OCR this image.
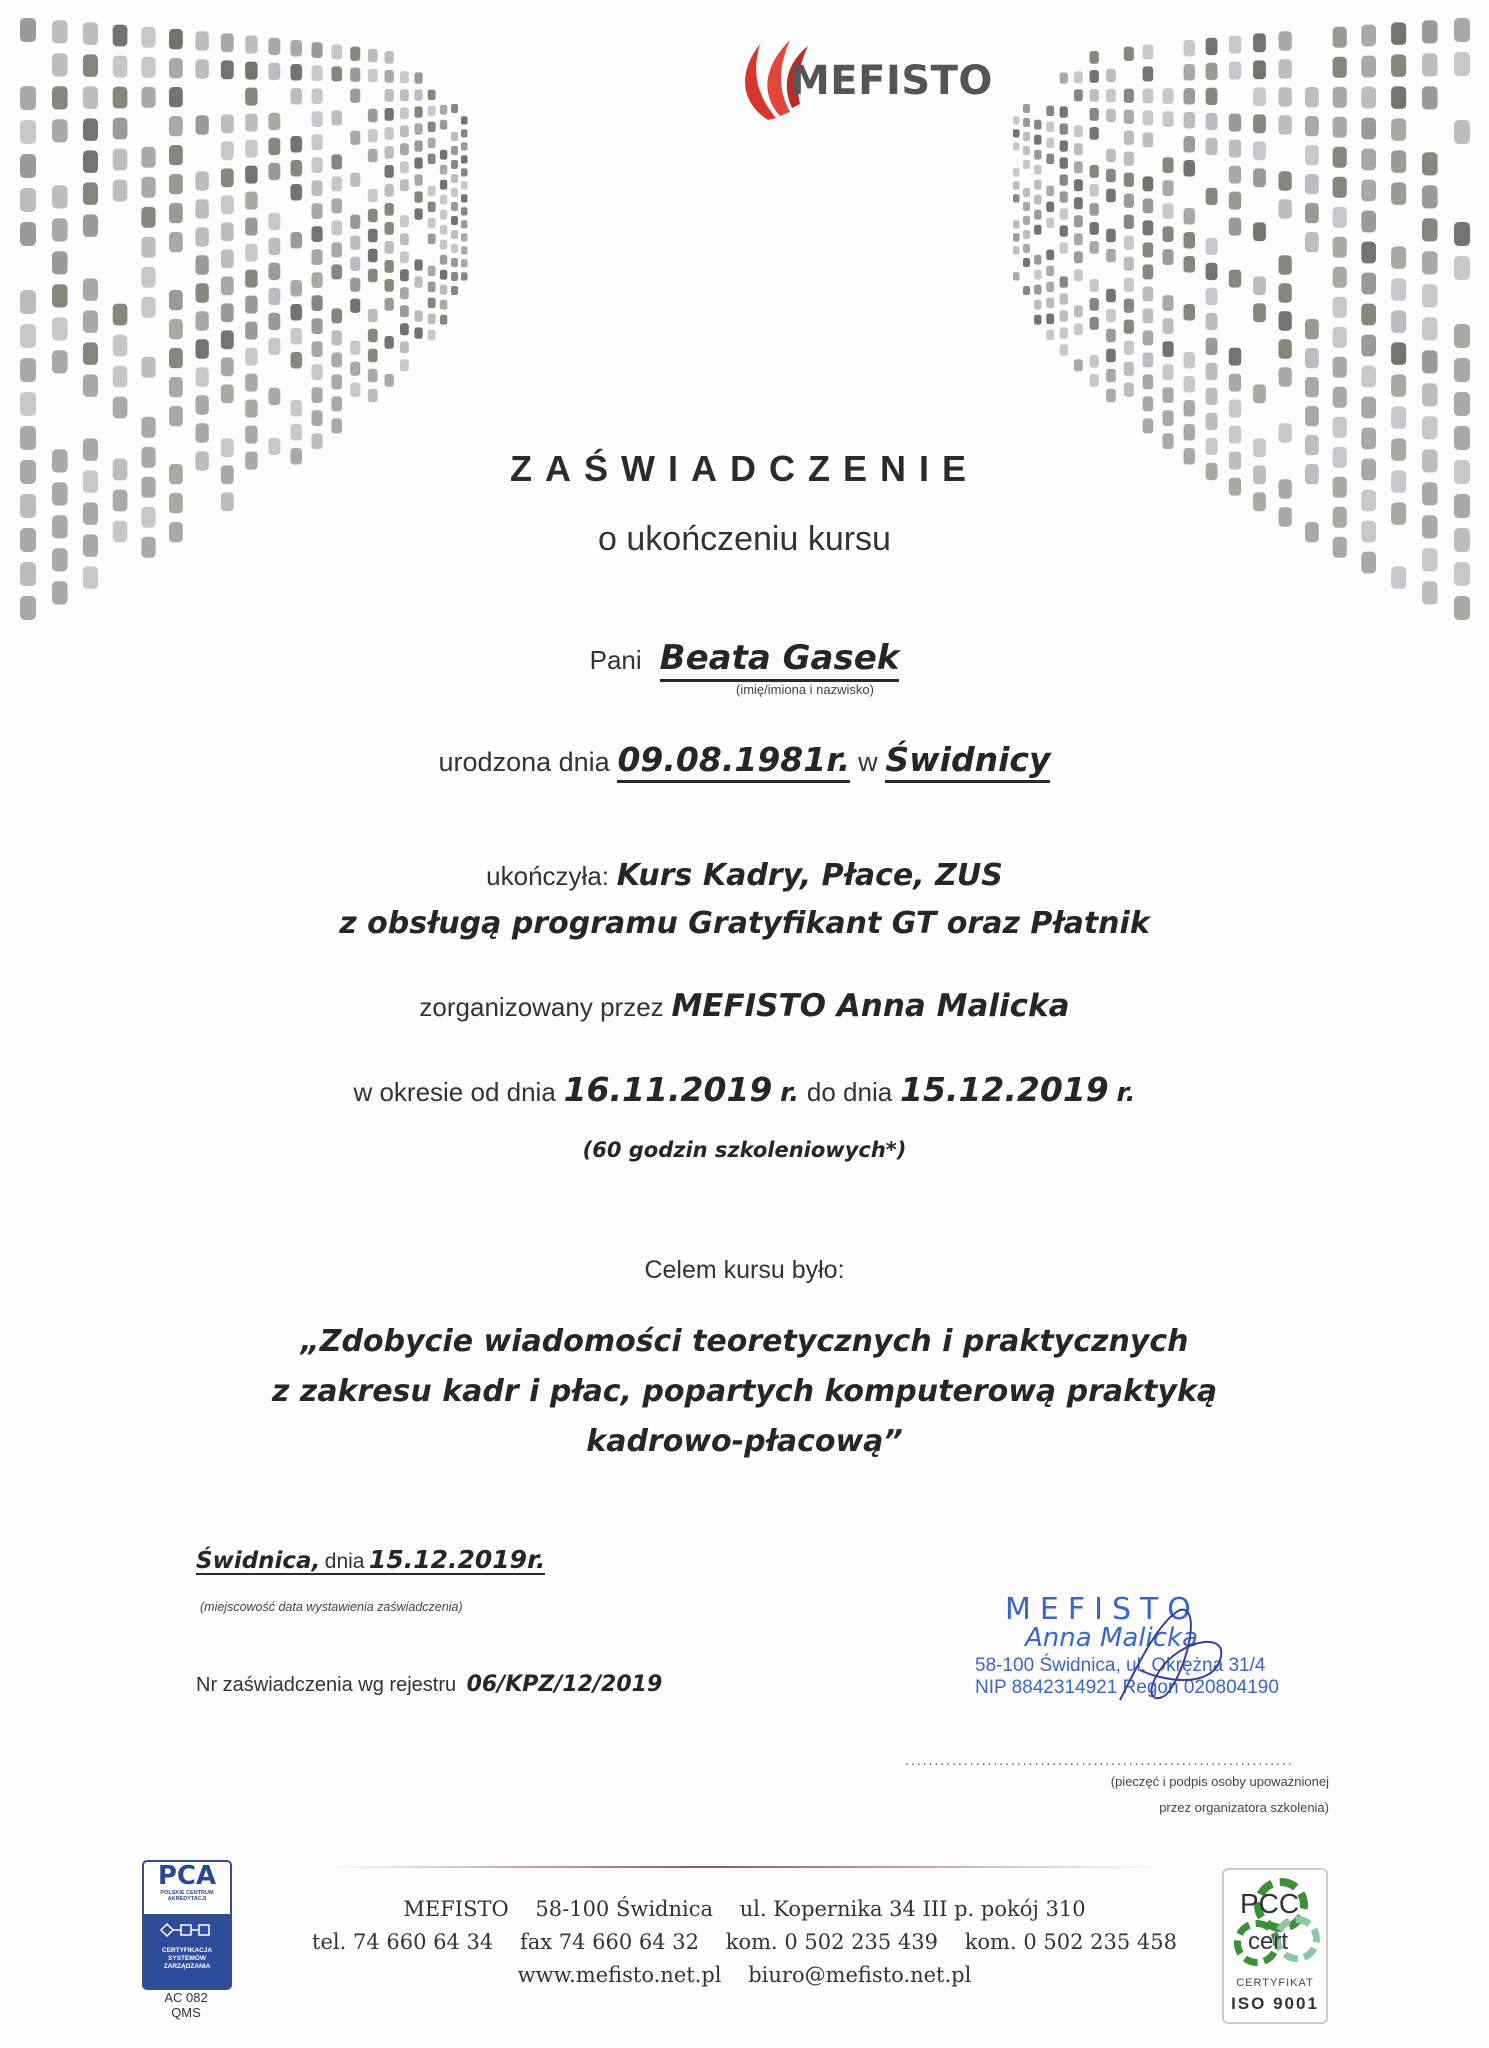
MEFISTO
ZAŚWIADCZENIE
o ukończeniu kursu
Pani Beata Gasek
(imię/imiona i nazwisko)
urodzona dnia 09.08.1981r. w Świdnicy
ukończyła: Kurs Kadry, Płace, ZUS
z obsługą programu Gratyfikant GT oraz Płatnik
zorganizowany przez MEFISTO Anna Malicka
w okresie od dnia 16.11.2019 r. do dnia 15.12.2019 r.
(60 godzin szkoleniowych*)
Celem kursu było:
„Zdobycie wiadomości teoretycznych i praktycznych
z zakresu kadr i płac, popartych komputerową praktyką
kadrowo-płacową”
Świdnica, dnia 15.12.2019r.
(miejscowość data wystawienia zaświadczenia)
Nr zaświadczenia wg rejestru 06/KPZ/12/2019
MEFISTO
Anna Malicka
58-100 Świdnica, ul. Okrężna 31/4
NIP 8842314921 Regon 020804190
..................................................................
(pieczęć i podpis osoby upoważnionej
przez organizatora szkolenia)
MEFISTO 58-100 Świdnica ul. Kopernika 34 III p. pokój 310
tel. 74 660 64 34 fax 74 660 64 32 kom. 0 502 235 439 kom. 0 502 235 458
www.mefisto.net.pl biuro@mefisto.net.pl
PCA
POLSKIE CENTRUM
AKREDYTACJI
CERTYFIKACJA
SYSTEMÓW
ZARZĄDZANIA
AC 082
QMS
PCC
cert
CERTYFIKAT
ISO 9001
